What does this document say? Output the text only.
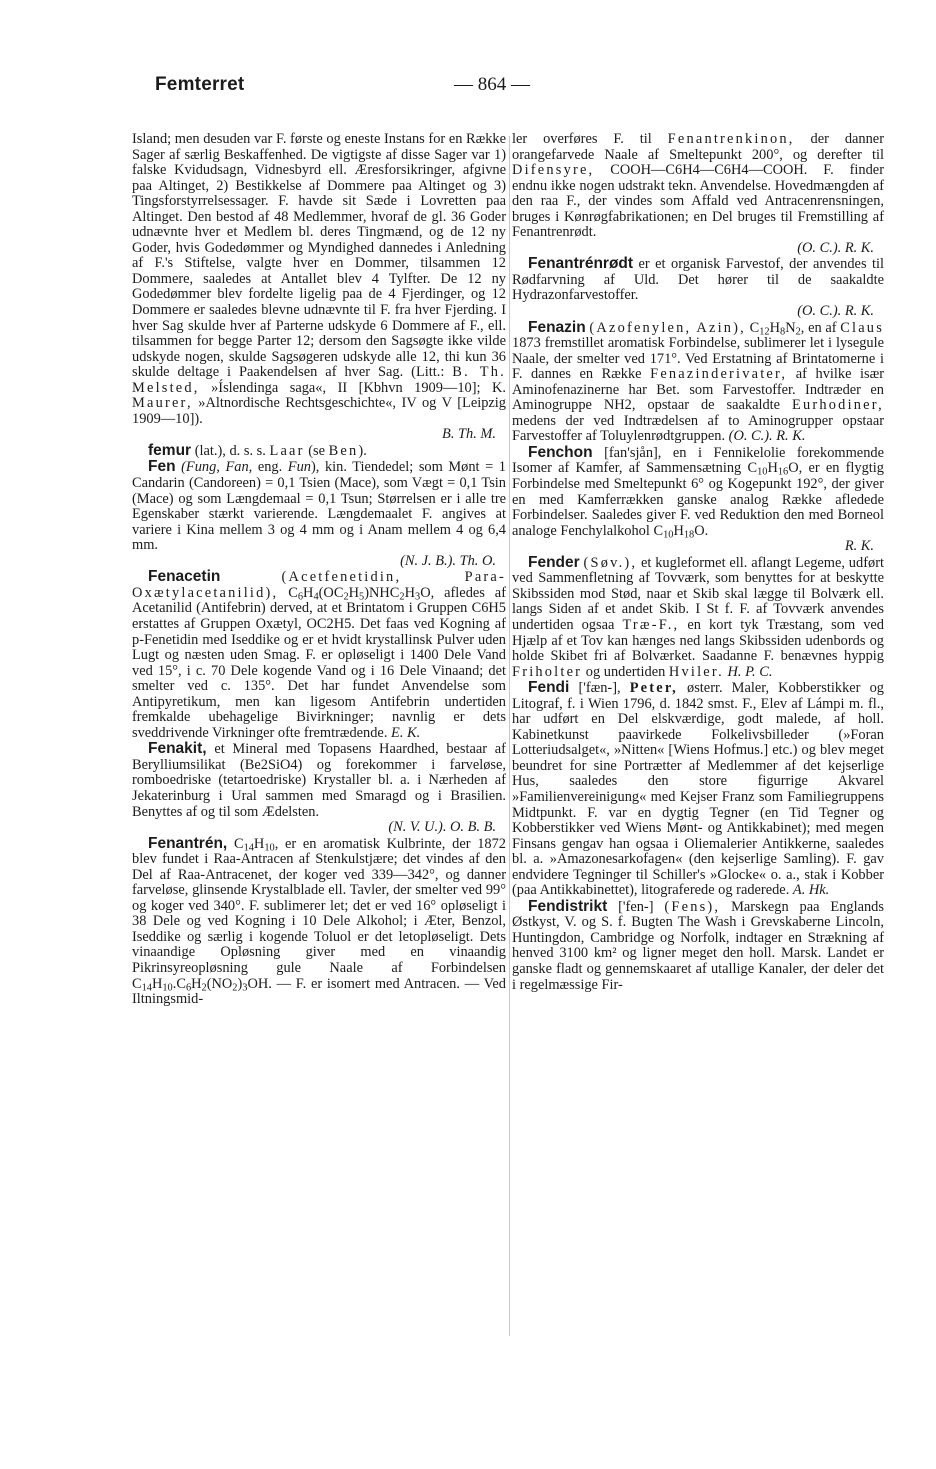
Femterret	— 864 —

Island; men desuden var F. første og eneste Instans for en Række Sager af særlig Beskaffenhed. De vigtigste af disse Sager var 1) falske Kvidudsagn, Vidnesbyrd ell. Æresforsikringer, afgivne paa Altinget, 2) Bestikkelse af Dommere paa Altinget og 3) Tingsforstyrrelsessager. F. havde sit Sæde i Lovretten paa Altinget. Den bestod af 48 Medlemmer, hvoraf de gl. 36 Goder udnævnte hver et Medlem bl. deres Tingmænd, og de 12 ny Goder, hvis Godedømmer og Myndighed dannedes i Anledning af F.'s Stiftelse, valgte hver en Dommer, tilsammen 12 Dommere, saaledes at Antallet blev 4 Tylfter. De 12 ny Godedømmer blev fordelte ligelig paa de 4 Fjerdinger, og 12 Dommere er saaledes blevne udnævnte til F. fra hver Fjerding. I hver Sag skulde hver af Parterne udskyde 6 Dommere af F., ell. tilsammen for begge Parter 12; dersom den Sagsøgte ikke vilde udskyde nogen, skulde Sagsøgeren udskyde alle 12, thi kun 36 skulde deltage i Paakendelsen af hver Sag. (Litt.: B. Th. Melsted, »Íslendinga saga«, II [Kbhvn 1909—10]; K. Maurer, »Altnordische Rechtsgeschichte«, IV og V [Leipzig 1909—10]).
B. Th. M.

femur (lat.), d. s. s. Laar (se Ben).

Fen (Fung, Fan, eng. Fun), kin. Tiendedel; som Mønt = 1 Candarin (Candoreen) = 0,1 Tsien (Mace), som Vægt = 0,1 Tsin (Mace) og som Længdemaal = 0,1 Tsun; Størrelsen er i alle tre Egenskaber stærkt varierende. Længdemaalet F. angives at variere i Kina mellem 3 og 4 mm og i Anam mellem 4 og 6,4 mm.
(N. J. B.). Th. O.

Fenacetin	(Acetfenetidin, Para-Oxætylacetanilid), $C_6H_4(OC_2H_5)NHC_2H_3O$, afledes af Acetanilid (Antifebrin) derved, at et Brintatom i Gruppen C6H5 erstattes af Gruppen Oxætyl, OC2H5. Det faas ved Kogning af p-Fenetidin med Iseddike og er et hvidt krystallinsk Pulver uden Lugt og næsten uden Smag. F. er opløseligt i 1400 Dele Vand ved 15°, i c. 70 Dele kogende Vand og i 16 Dele Vinaand; det smelter ved c. 135°. Det har fundet Anvendelse som Antipyretikum, men kan ligesom Antifebrin undertiden fremkalde ubehagelige Bivirkninger; navnlig er dets sveddrivende Virkninger ofte fremtrædende. E. K.

Fenakit, et Mineral med Topasens Haardhed, bestaar af Berylliumsilikat (Be2SiO4) og forekommer i farveløse, romboedriske (tetartoedriske) Krystaller bl. a. i Nærheden af Jekaterinburg i Ural sammen med Smaragd og i Brasilien. Benyttes af og til som Ædelsten.
(N. V. U.). O. B. B.

Fenantrén, $C_{14}H_{10}$, er en aromatisk Kulbrinte, der 1872 blev fundet i Raa-Antracen af Stenkulstjære; det vindes af den Del af Raa-Antracenet, der koger ved 339—342°, og danner farveløse, glinsende Krystalblade ell. Tavler, der smelter ved 99° og koger ved 340°. F. sublimerer let; det er ved 16° opløseligt i 38 Dele og ved Kogning i 10 Dele Alkohol; i Æter, Benzol, Iseddike og særlig i kogende Toluol er det letopløseligt. Dets vinaandige Opløsning giver med en vinaandig Pikrinsyreopløsning gule Naale af Forbindelsen $C_{14}H_{10}.C_6H_2(NO_2)_3OH$. — F. er isomert med Antracen. — Ved Iltningsmid-

ler overføres F. til Fenantrenkinon, der danner orangefarvede Naale af Smeltepunkt 200°, og derefter til Difensyre, COOH—C6H4—C6H4—COOH. F. finder endnu ikke nogen udstrakt tekn. Anvendelse. Hovedmængden af den raa F., der vindes som Affald ved Antracenrensningen, bruges i Kønrøgfabrikationen; en Del bruges til Fremstilling af Fenantrenrødt.
(O. C.). R. K.

Fenantrénrødt er et organisk Farvestof, der anvendes til Rødfarvning af Uld. Det hører til de saakaldte Hydrazonfarvestoffer.
(O. C.). R. K.

Fenazin (Azofenylen, Azin), $C_{12}H_8N_2$, en af Claus 1873 fremstillet aromatisk Forbindelse, sublimerer let i lysegule Naale, der smelter ved 171°. Ved Erstatning af Brintatomerne i F. dannes en Række Fenazinderivater, af hvilke især Aminofenazinerne har Bet. som Farvestoffer. Indtræder en Aminogruppe NH2, opstaar de saakaldte Eurhodiner, medens der ved Indtrædelsen af to Aminogrupper opstaar Farvestoffer af Toluylenrødtgruppen. (O. C.). R. K.

Fenchon [fan'sjån], en i Fennikelolie forekommende Isomer af Kamfer, af Sammensætning $C_{10}H_{16}O$, er en flygtig Forbindelse med Smeltepunkt 6° og Kogepunkt 192°, der giver en med Kamferrækken ganske analog Række afledede Forbindelser. Saaledes giver F. ved Reduktion den med Borneol analoge Fenchylalkohol $C_{10}H_{18}O$.
R. K.

Fender (Søv.), et kugleformet ell. aflangt Legeme, udført ved Sammenfletning af Tovværk, som benyttes for at beskytte Skibssiden mod Stød, naar et Skib skal lægge til Bolværk ell. langs Siden af et andet Skib. I St f. F. af Tovværk anvendes undertiden ogsaa Træ-F., en kort tyk Træstang, som ved Hjælp af et Tov kan hænges ned langs Skibssiden udenbords og holde Skibet fri af Bolværket. Saadanne F. benævnes hyppig Friholter og undertiden Hviler. H. P. C.

Fendi ['fæn-], Peter, østerr. Maler, Kobberstikker og Litograf, f. i Wien 1796, d. 1842 smst. F., Elev af Lámpi m. fl., har udført en Del elskværdige, godt malede, af holl. Kabinetkunst paavirkede Folkelivsbilleder (»Foran Lotteriudsalget«, »Nitten« [Wiens Hofmus.] etc.) og blev meget beundret for sine Portrætter af Medlemmer af det kejserlige Hus, saaledes den store figurrige Akvarel »Familienvereinigung« med Kejser Franz som Familiegruppens Midtpunkt. F. var en dygtig Tegner (en Tid Tegner og Kobberstikker ved Wiens Mønt- og Antikkabinet); med megen Finsans gengav han ogsaa i Oliemalerier Antikkerne, saaledes bl. a. »Amazonesarkofagen« (den kejserlige Samling). F. gav endvidere Tegninger til Schiller's »Glocke« o. a., stak i Kobber (paa Antikkabinettet), litograferede og raderede. A. Hk.

Fendistrikt ['fen-] (Fens), Marskegn paa Englands Østkyst, V. og S. f. Bugten The Wash i Grevskaberne Lincoln, Huntingdon, Cambridge og Norfolk, indtager en Strækning af henved 3100 km² og ligner meget den holl. Marsk. Landet er ganske fladt og gennemskaaret af utallige Kanaler, der deler det i regelmæssige Fir-
